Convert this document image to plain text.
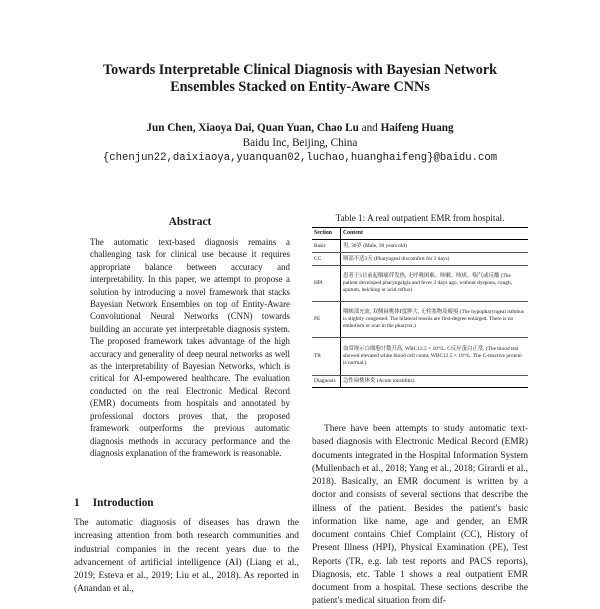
Towards Interpretable Clinical Diagnosis with Bayesian Network
Ensembles Stacked on Entity-Aware CNNs
Jun Chen, Xiaoya Dai, Quan Yuan, Chao Lu and Haifeng Huang
Baidu Inc, Beijing, China
{chenjun22,daixiaoya,yuanquan02,luchao,huanghaifeng}@baidu.com
Abstract
The automatic text-based diagnosis remains a challenging task for clinical use because it requires appropriate balance between accuracy and interpretability. In this paper, we attempt to propose a solution by introducing a novel framework that stacks Bayesian Network Ensembles on top of Entity-Aware Convolutional Neural Networks (CNN) towards building an accurate yet interpretable diagnosis system. The proposed framework takes advantage of the high accuracy and generality of deep neural networks as well as the interpretability of Bayesian Networks, which is critical for AI-empowered healthcare. The evaluation conducted on the real Electronic Medical Record (EMR) documents from hospitals and annotated by professional doctors proves that, the proposed framework outperforms the previous automatic diagnosis methods in accuracy performance and the diagnosis explanation of the framework is reasonable.
1 Introduction
The automatic diagnosis of diseases has drawn the increasing attention from both research communities and industrial companies in the recent years due to the advancement of artificial intelligence (AI) (Liang et al., 2019; Esteva et al., 2019; Liu et al., 2018). As reported in (Anandan et al.,
Table 1: A real outpatient EMR from hospital.
Section	Content
Basic	男, 30岁 (Male, 30 years old)
CC	咽部不适3天 (Pharyngeal discomfort for 3 days)
HPI	患者于3日前起咽痛伴发热, 无呼吸困难、咳嗽、咳痰、喘气或反酸 (The patient developed pharyngalgia and fever 3 days ago, without dyspnea, cough, sputum, belching or acid reflux)
PE	咽峡部充血, 双侧扁桃体Ⅰ度肿大, 无栓塞物及瘢痕 (The hypopharyngeal isthmus is slightly congested. The bilateral tonsils are first-degree enlarged. There is no embolism or scar in the pharynx.)
TR	血常规示白细胞计数升高, WBC12.5 × 10⁹/L. C反应蛋白正常, (The blood test showed elevated white blood cell count, WBC12.5 × 10⁹/L. The C-reactive protein is normal.)
Diagnosis	急性扁桃体炎 (Acute tonsillitis)
There have been attempts to study automatic text-based diagnosis with Electronic Medical Record (EMR) documents integrated in the Hospital Information System (Mullenbach et al., 2018; Yang et al., 2018; Girardi et al., 2018). Basically, an EMR document is written by a doctor and consists of several sections that describe the illness of the patient. Besides the patient's basic information like name, age and gender, an EMR document contains Chief Complaint (CC), History of Present Illness (HPI), Physical Examination (PE), Test Reports (TR, e.g. lab test reports and PACS reports), Diagnosis, etc. Table 1 shows a real outpatient EMR document from a hospital. These sections describe the patient's medical situation from dif-
